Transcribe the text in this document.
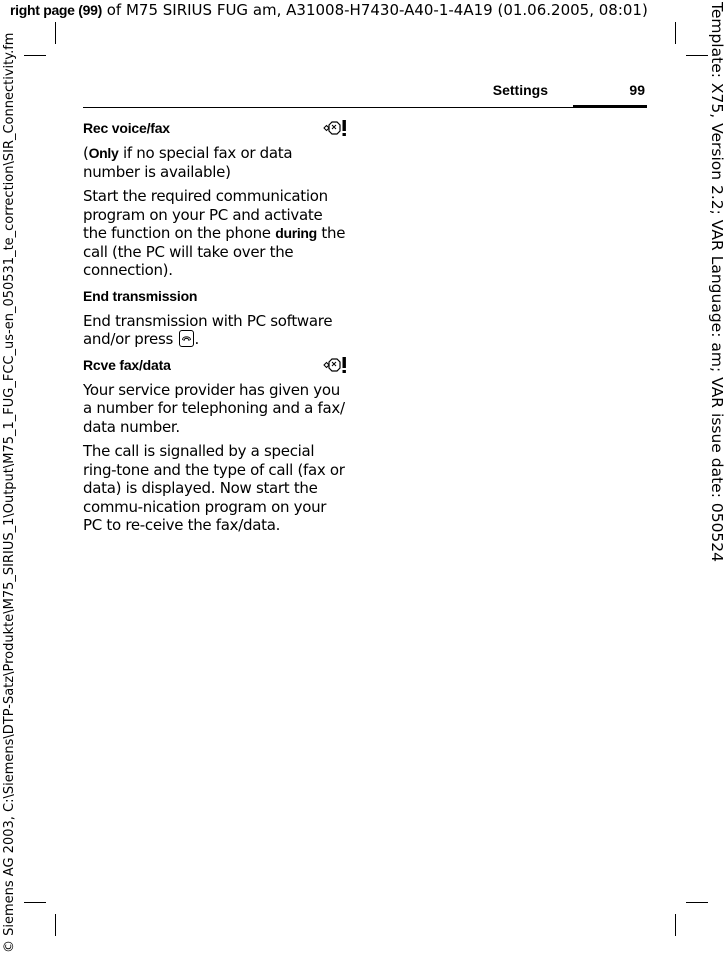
right page (99) of M75 SIRIUS FUG am, A31008-H7430-A40-1-4A19 (01.06.2005, 08:01)
© Siemens AG 2003, C:\Siemens\DTP-Satz\Produkte\M75_SIRIUS_1\Output\M75_1_FUG_FCC_us-en_050531_te_correction\SIR_Connectivity.fm	Template: X75, Version 2.2; VAR Language: am; VAR issue date: 050524
Settings	99
Rec voice/fax

(Only if no special fax or data number is available)

Start the required communication program on your PC and activate the function on the phone during the call (the PC will take over the connection).

End transmission

End transmission with PC software and/or press
.

Rcve fax/data

Your service provider has given you a number for telephoning and a fax/ data number.

The call is signalled by a special ring-tone and the type of call (fax or data) is displayed. Now start the commu-nication program on your PC to re-ceive the fax/data.
